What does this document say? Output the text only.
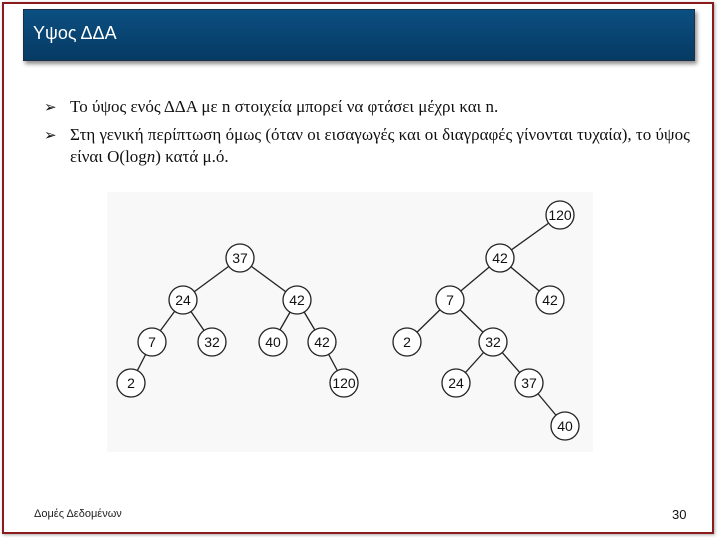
Υψος ΔΔΑ
➢ Το ύψος ενός ΔΔΑ με n στοιχεία μπορεί να φτάσει μέχρι και n.
➢ Στη γενική περίπτωση όμως (όταν οι εισαγωγές και οι διαγραφές γίνονται τυχαία), το ύψος είναι O(logn) κατά μ.ό.
37
24	42
7	32	40 42
2	120
120
42
7	42
2	32
24	37
40
Δομές Δεδομένων	30
